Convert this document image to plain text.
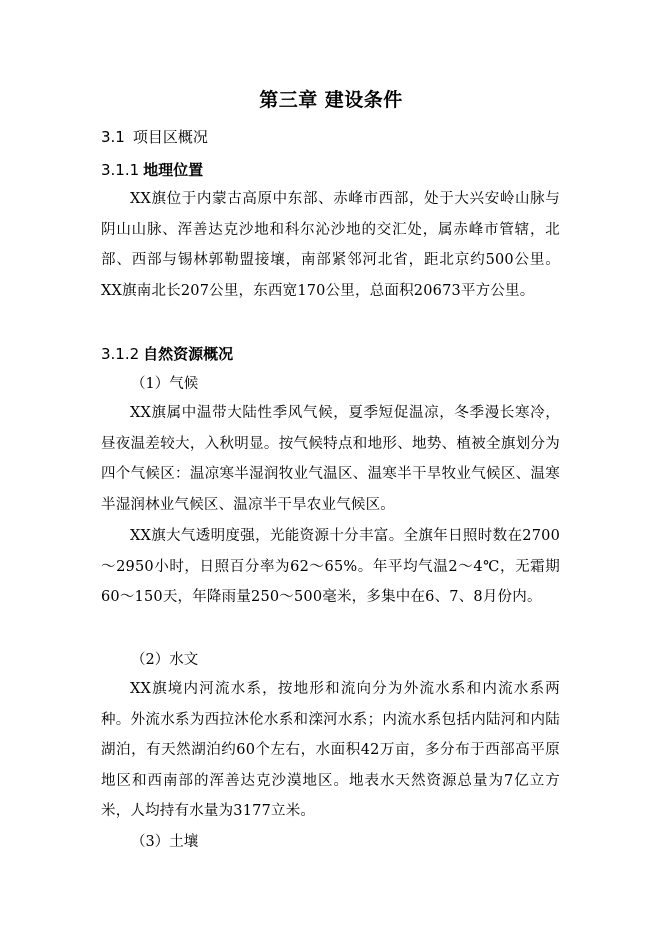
第三章 建设条件
3.1 项目区概况
3.1.1 地理位置

XX旗位于内蒙古高原中东部、赤峰市西部，处于大兴安岭山脉与阴山山脉、浑善达克沙地和科尔沁沙地的交汇处，属赤峰市管辖，北部、西部与锡林郭勒盟接壤，南部紧邻河北省，距北京约500公里。XX旗南北长207公里，东西宽170公里，总面积20673平方公里。

3.1.2 自然资源概况
（1）气候

XX旗属中温带大陆性季风气候，夏季短促温凉，冬季漫长寒冷，昼夜温差较大，入秋明显。按气候特点和地形、地势、植被全旗划分为四个气候区：温凉寒半湿润牧业气温区、温寒半干旱牧业气候区、温寒半湿润林业气候区、温凉半干旱农业气候区。

XX旗大气透明度强，光能资源十分丰富。全旗年日照时数在2700～2950小时，日照百分率为62～65%。年平均气温2～4℃，无霜期60～150天，年降雨量250～500毫米，多集中在6、7、8月份内。

（2）水文

XX旗境内河流水系，按地形和流向分为外流水系和内流水系两种。外流水系为西拉沐伦水系和滦河水系；内流水系包括内陆河和内陆湖泊，有天然湖泊约60个左右，水面积42万亩，多分布于西部高平原地区和西南部的浑善达克沙漠地区。地表水天然资源总量为7亿立方米，人均持有水量为3177立米。

（3）土壤
